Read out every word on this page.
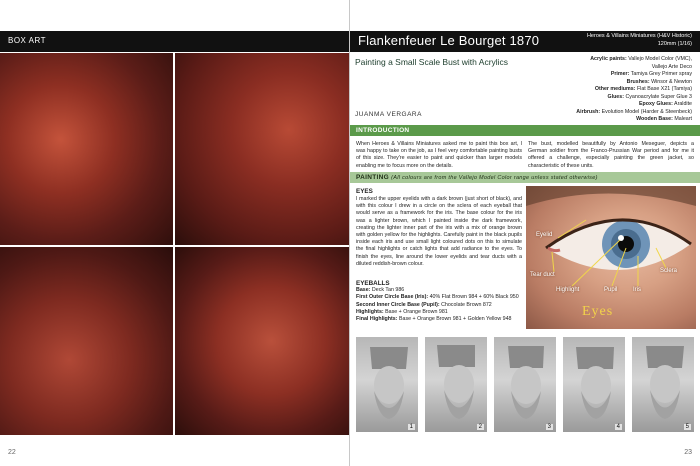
BOX ART
22
Flankenfeuer Le Bourget 1870	Heroes & Villains Miniatures (H&V Historic)
120mm (1/16)
Painting a Small Scale Bust with Acrylics
JUANMA VERGARA
Acrylic paints: Vallejo Model Color (VMC),
Vallejo Arte Deco
Primer: Tamiya Grey Primer spray
Brushes: Winsor & Newton
Other mediums: Flat Base X21 (Tamiya)
Glues: Cyanoacrylate Super Glue 3
Epoxy Glues: Araldite
Airbrush: Evolution Model (Harder & Steenbeck)
Wooden Base: Maleart
INTRODUCTION
When Heroes & Villains Miniatures asked me to paint this box art, I was happy to take on the job, as I feel very comfortable painting busts of this size. They're easier to paint and quicker than larger models enabling me to focus more on the details.
The bust, modelled beautifully by Antonio Meseguer, depicts a German soldier from the Franco-Prussian War period and for me it offered a challenge, especially painting the green jacket, so characteristic of these units.
PAINTING (All colours are from the Vallejo Model Color range unless stated otherwise)
EYES
I marked the upper eyelids with a dark brown (just short of black), and with this colour I drew in a circle on the sclera of each eyeball that would serve as a framework for the iris. The base colour for the iris was a lighter brown, which I painted inside the dark framework, creating the lighter inner part of the iris with a mix of orange brown with golden yellow for the highlights. Carefully paint in the black pupils inside each iris and use small light coloured dots on this to simulate the final highlights or catch lights that add radiance to the eyes. To finish the eyes, line around the lower eyelids and tear ducts with a diluted reddish-brown colour.
EYEBALLS
Base: Deck Tan 986
First Outer Circle Base (Iris): 40% Flat Brown 984 + 60% Black 950
Second Inner Circle Base (Pupil): Chocolate Brown 872
Highlights: Base + Orange Brown 981
Final Highlights: Base + Orange Brown 981 + Golden Yellow 948
Eyelid
Tear duct
Highlight	Pupil	Iris
Sclera
Eyes
1	2	3	4	5
23
